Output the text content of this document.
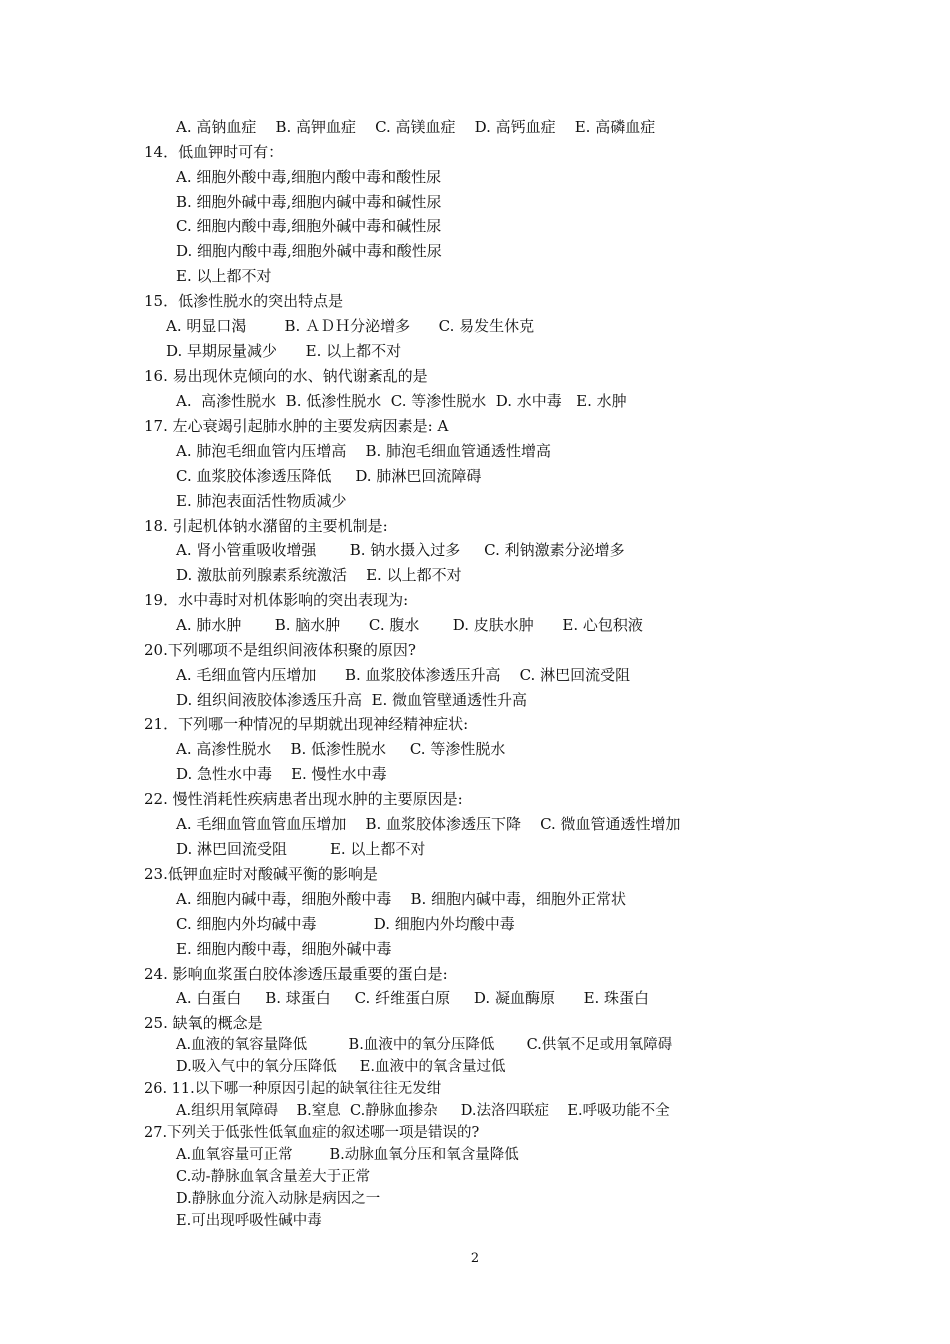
A. 高钠血症    B. 高钾血症    C. 高镁血症    D. 高钙血症    E. 高磷血症
14．低血钾时可有：
A. 细胞外酸中毒,细胞内酸中毒和酸性尿
B. 细胞外碱中毒,细胞内碱中毒和碱性尿
C. 细胞内酸中毒,细胞外碱中毒和碱性尿
D. 细胞内酸中毒,细胞外碱中毒和酸性尿
E. 以上都不对
15．低渗性脱水的突出特点是
A. 明显口渴        B. ＡＤＨ分泌增多      C. 易发生休克
D. 早期尿量减少      E. 以上都不对
16. 易出现休克倾向的水、钠代谢紊乱的是
A.  高渗性脱水  B. 低渗性脱水  C. 等渗性脱水  D. 水中毒   E. 水肿
17. 左心衰竭引起肺水肿的主要发病因素是: A
A. 肺泡毛细血管内压增高    B. 肺泡毛细血管通透性增高
C. 血浆胶体渗透压降低     D. 肺淋巴回流障碍
E. 肺泡表面活性物质减少
18. 引起机体钠水潴留的主要机制是:
A. 肾小管重吸收增强       B. 钠水摄入过多     C. 利钠激素分泌增多
D. 激肽前列腺素系统激活    E. 以上都不对
19．水中毒时对机体影响的突出表现为:
A. 肺水肿       B. 脑水肿      C. 腹水       D. 皮肤水肿      E. 心包积液
20.下列哪项不是组织间液体积聚的原因?
A. 毛细血管内压增加      B. 血浆胶体渗透压升高    C. 淋巴回流受阻
D. 组织间液胶体渗透压升高  E. 微血管壁通透性升高
21．下列哪一种情况的早期就出现神经精神症状:
A. 高渗性脱水    B. 低渗性脱水     C. 等渗性脱水
D. 急性水中毒    E. 慢性水中毒
22. 慢性消耗性疾病患者出现水肿的主要原因是:
A. 毛细血管血管血压增加    B. 血浆胶体渗透压下降    C. 微血管通透性增加
D. 淋巴回流受阻         E. 以上都不对
23.低钾血症时对酸碱平衡的影响是
A. 细胞内碱中毒，细胞外酸中毒    B. 细胞内碱中毒，细胞外正常状
C. 细胞内外均碱中毒            D. 细胞内外均酸中毒
E. 细胞内酸中毒，细胞外碱中毒
24. 影响血浆蛋白胶体渗透压最重要的蛋白是:
A. 白蛋白     B. 球蛋白     C. 纤维蛋白原     D. 凝血酶原      E. 珠蛋白
25. 缺氧的概念是
A.血液的氧容量降低         B.血液中的氧分压降低       C.供氧不足或用氧障碍
D.吸入气中的氧分压降低     E.血液中的氧含量过低
26. 11.以下哪一种原因引起的缺氧往往无发绀
A.组织用氧障碍    B.窒息  C.静脉血掺杂     D.法洛四联症    E.呼吸功能不全
27.下列关于低张性低氧血症的叙述哪一项是错误的?
A.血氧容量可正常        B.动脉血氧分压和氧含量降低
C.动-静脉血氧含量差大于正常
D.静脉血分流入动脉是病因之一
E.可出现呼吸性碱中毒
2
